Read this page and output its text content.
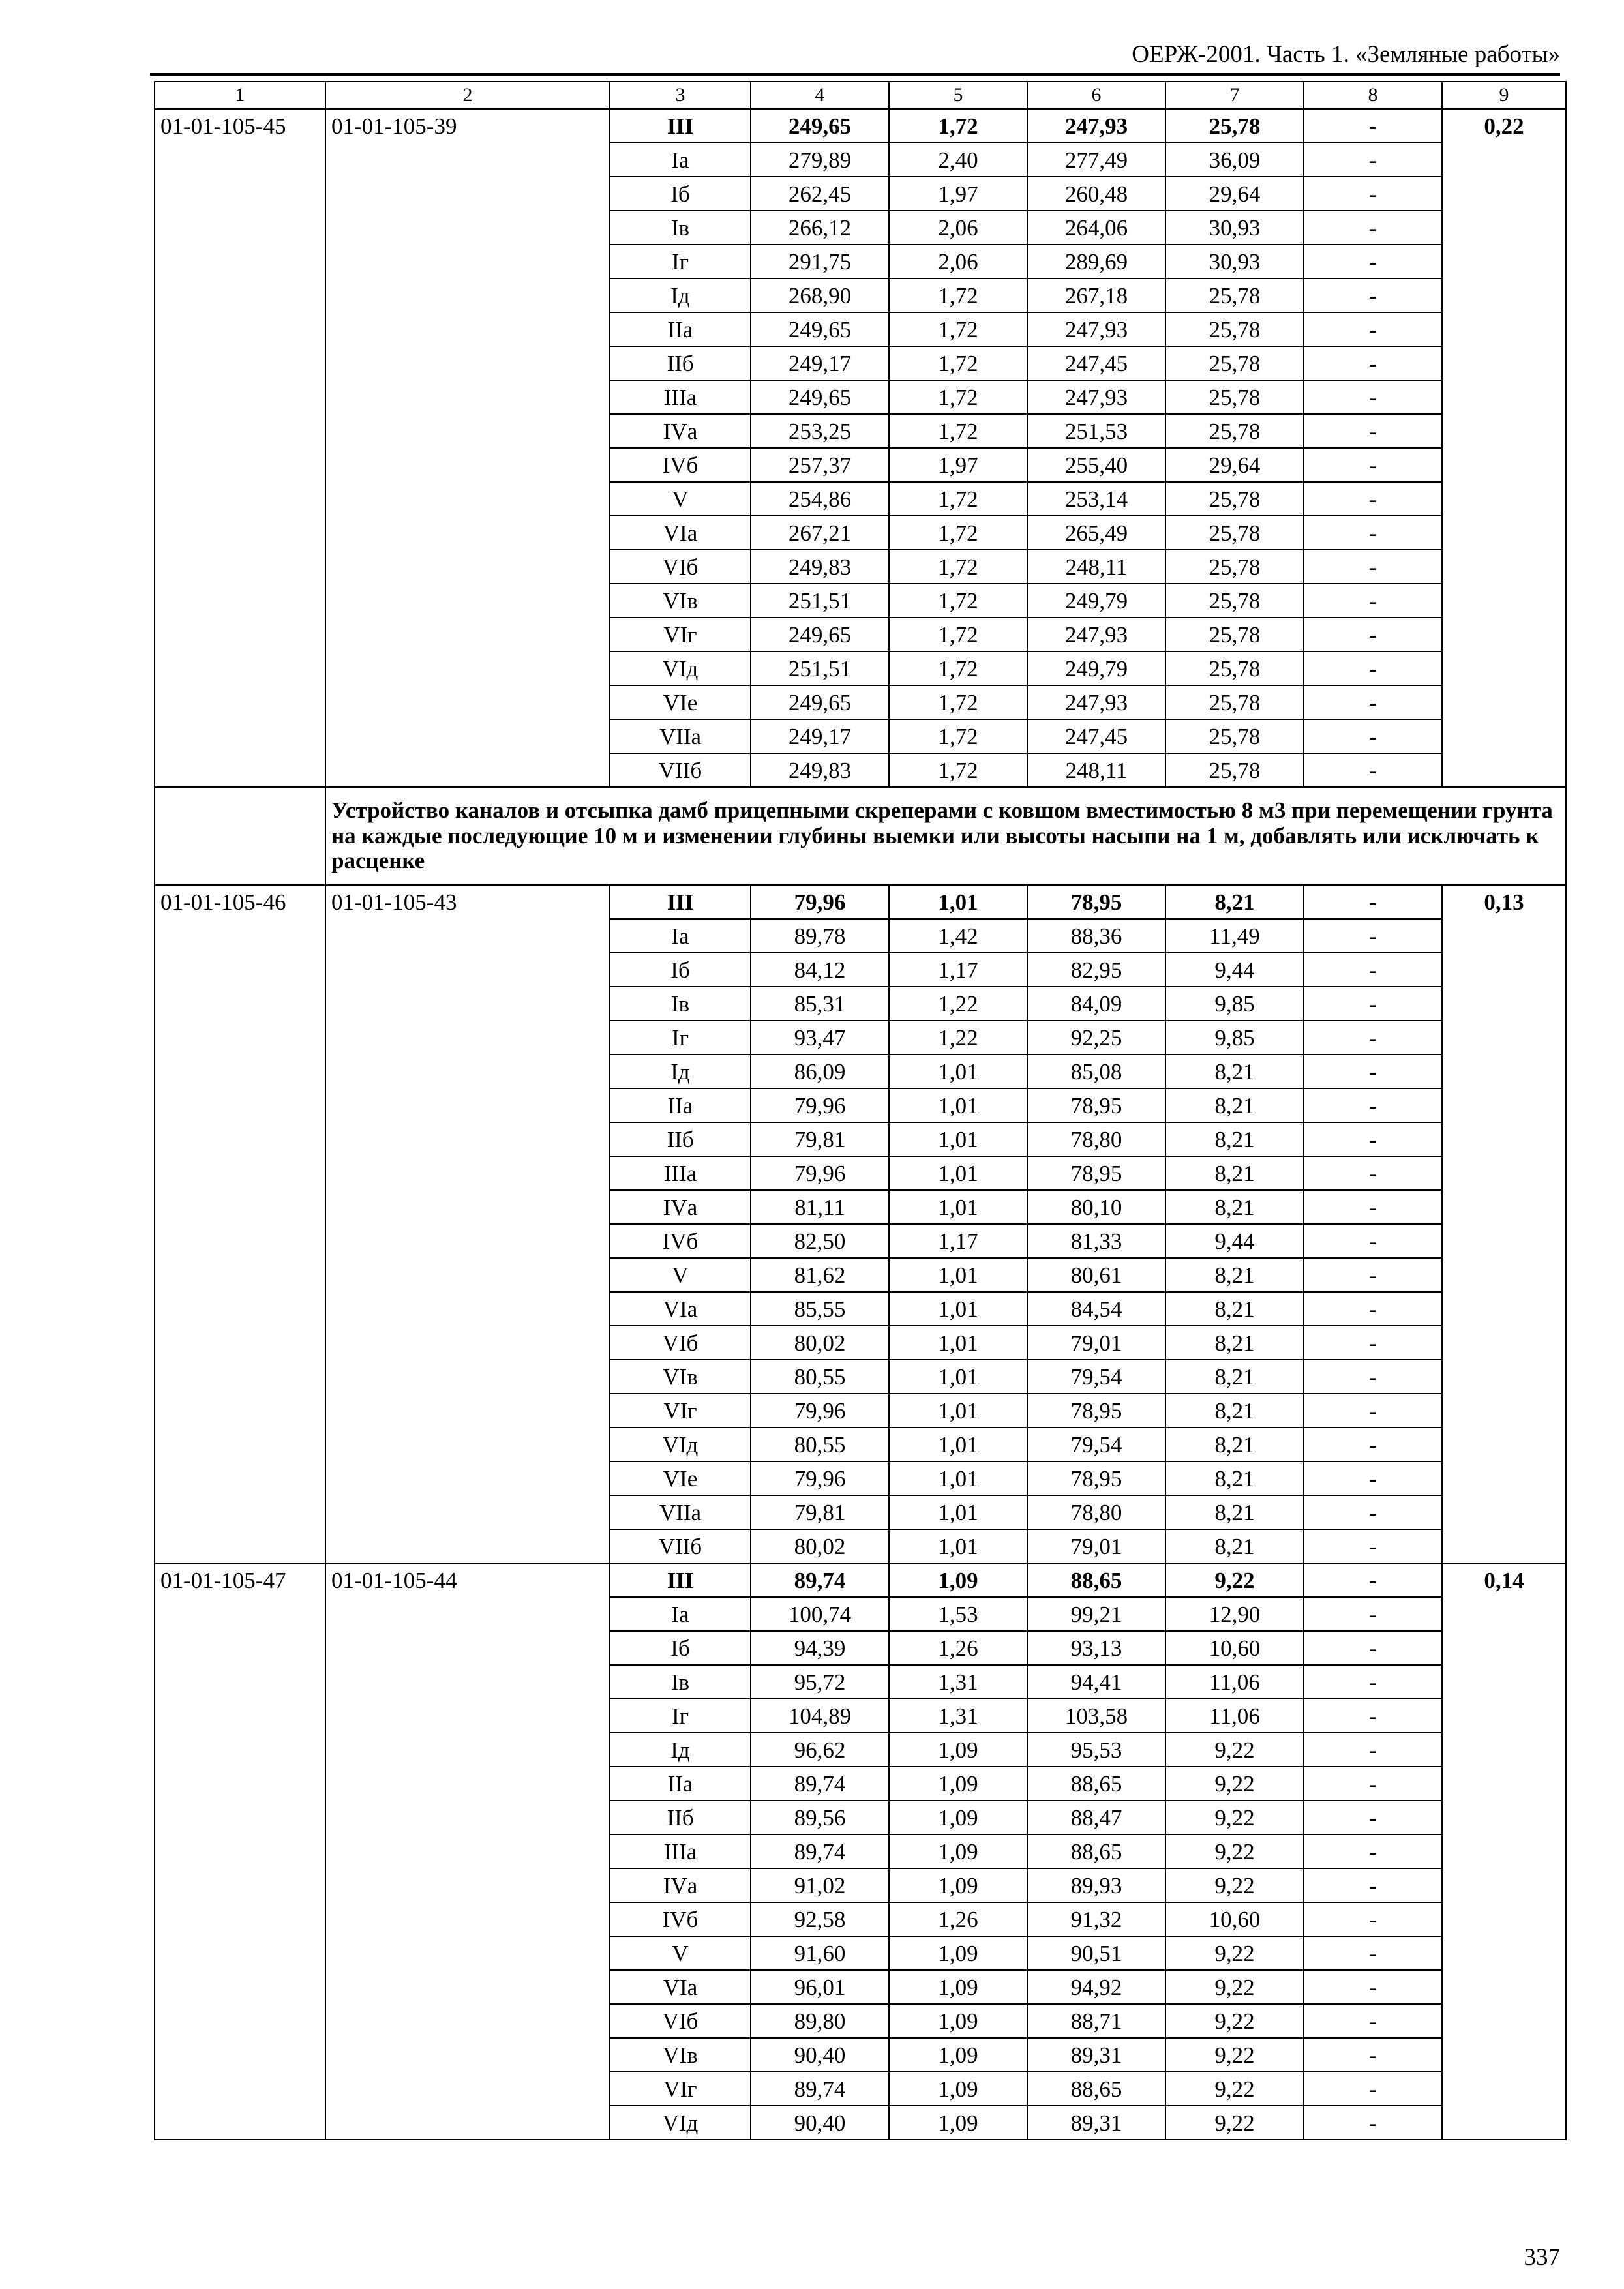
ОЕРЖ-2001. Часть 1. «Земляные работы»
1	2	3	4	5	6	7	8	9
01-01-105-45	01-01-105-39	III	249,65	1,72	247,93	25,78	-	0,22
		Iа	279,89	2,40	277,49	36,09	-	
		Iб	262,45	1,97	260,48	29,64	-	
		Iв	266,12	2,06	264,06	30,93	-	
		Iг	291,75	2,06	289,69	30,93	-	
		Iд	268,90	1,72	267,18	25,78	-	
		IIа	249,65	1,72	247,93	25,78	-	
		IIб	249,17	1,72	247,45	25,78	-	
		IIIа	249,65	1,72	247,93	25,78	-	
		IVа	253,25	1,72	251,53	25,78	-	
		IVб	257,37	1,97	255,40	29,64	-	
		V	254,86	1,72	253,14	25,78	-	
		VIа	267,21	1,72	265,49	25,78	-	
		VIб	249,83	1,72	248,11	25,78	-	
		VIв	251,51	1,72	249,79	25,78	-	
		VIг	249,65	1,72	247,93	25,78	-	
		VIд	251,51	1,72	249,79	25,78	-	
		VIе	249,65	1,72	247,93	25,78	-	
		VIIа	249,17	1,72	247,45	25,78	-	
		VIIб	249,83	1,72	248,11	25,78	-	
	Устройство каналов и отсыпка дамб прицепными скреперами с ковшом вместимостью 8 м3 при перемещении грунта на каждые последующие 10 м и изменении глубины выемки или высоты насыпи на 1 м, добавлять или исключать к расценке							
01-01-105-46	01-01-105-43	III	79,96	1,01	78,95	8,21	-	0,13
		Iа	89,78	1,42	88,36	11,49	-	
		Iб	84,12	1,17	82,95	9,44	-	
		Iв	85,31	1,22	84,09	9,85	-	
		Iг	93,47	1,22	92,25	9,85	-	
		Iд	86,09	1,01	85,08	8,21	-	
		IIа	79,96	1,01	78,95	8,21	-	
		IIб	79,81	1,01	78,80	8,21	-	
		IIIа	79,96	1,01	78,95	8,21	-	
		IVа	81,11	1,01	80,10	8,21	-	
		IVб	82,50	1,17	81,33	9,44	-	
		V	81,62	1,01	80,61	8,21	-	
		VIа	85,55	1,01	84,54	8,21	-	
		VIб	80,02	1,01	79,01	8,21	-	
		VIв	80,55	1,01	79,54	8,21	-	
		VIг	79,96	1,01	78,95	8,21	-	
		VIд	80,55	1,01	79,54	8,21	-	
		VIе	79,96	1,01	78,95	8,21	-	
		VIIа	79,81	1,01	78,80	8,21	-	
		VIIб	80,02	1,01	79,01	8,21	-	
01-01-105-47	01-01-105-44	III	89,74	1,09	88,65	9,22	-	0,14
		Iа	100,74	1,53	99,21	12,90	-	
		Iб	94,39	1,26	93,13	10,60	-	
		Iв	95,72	1,31	94,41	11,06	-	
		Iг	104,89	1,31	103,58	11,06	-	
		Iд	96,62	1,09	95,53	9,22	-	
		IIа	89,74	1,09	88,65	9,22	-	
		IIб	89,56	1,09	88,47	9,22	-	
		IIIа	89,74	1,09	88,65	9,22	-	
		IVа	91,02	1,09	89,93	9,22	-	
		IVб	92,58	1,26	91,32	10,60	-	
		V	91,60	1,09	90,51	9,22	-	
		VIа	96,01	1,09	94,92	9,22	-	
		VIб	89,80	1,09	88,71	9,22	-	
		VIв	90,40	1,09	89,31	9,22	-	
		VIг	89,74	1,09	88,65	9,22	-	
		VIд	90,40	1,09	89,31	9,22	-	
337
